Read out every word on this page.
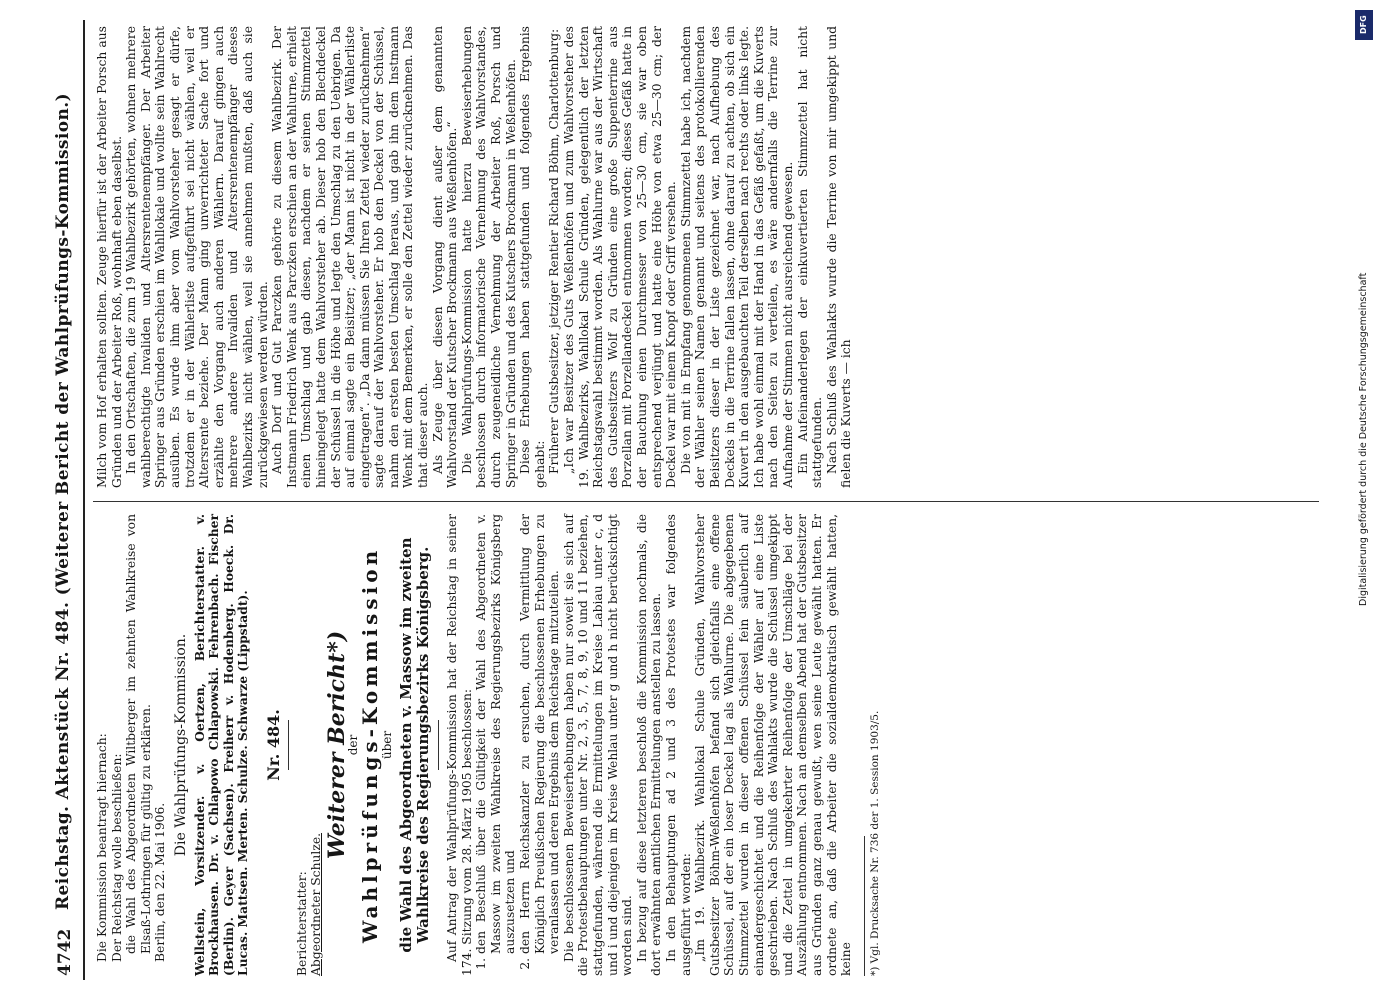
4742
Reichstag. Aktenstück Nr. 484. (Weiterer Bericht der Wahlprüfungs-Kommission.) Die Kommission beantragt hiernach: Der Reichstag wolle beschließen: die Wahl des Abgeordneten Wiltberger im zehnten Wahlkreise von Elsaß-Lothringen für gültig zu erklären. Berlin, den 22. Mai 1906.

Die Wahlprüfungs-Kommission. Wellstein, Vorsitzender. v. Oertzen, Berichterstatter. v. Brockhausen. Dr. v. Chlapowo Chlapowski. Fehrenbach. Fischer (Berlin). Geyer (Sachsen). Freiherr v. Hodenberg. Hoeck. Dr. Lucas. Mattsen. Merten. Schulze. Schwarze (Lippstadt). Nr. 484.

Berichterstatter: Abgeordneter Schulze.

Weiterer Bericht*)
der
Wahlprüfungs-Kommission
über die Wahl des Abgeordneten v. Massow im zweiten Wahlkreise des Regierungsbezirks Königsberg. Auf Antrag der Wahlprüfungs-Kommission hat der Reichstag in seiner 174. Sitzung vom 28. März 1905 beschlossen: 1. den Beschluß über die Gültigkeit der Wahl des Abgeordneten v. Massow im zweiten Wahlkreise des Regierungsbezirks Königsberg auszusetzen und 2. den Herrn Reichskanzler zu ersuchen, durch Vermittlung der Königlich Preußischen Regierung die beschlossenen Erhebungen zu veranlassen und deren Ergebnis dem Reichstage mitzuteilen. Die beschlossenen Beweiserhebungen haben nur soweit sie sich auf die Protestbehauptungen unter Nr. 2, 3, 5, 7, 8, 9, 10 und 11 beziehen, stattgefunden, während die Ermittelungen im Kreise Labiau unter c, d und i und diejenigen im Kreise Wehlau unter g und h nicht berücksichtigt worden sind. In bezug auf diese letzteren beschloß die Kommission nochmals, die dort erwähnten amtlichen Ermittelungen anstellen zu lassen. In den Behauptungen ad 2 und 3 des Protestes war folgendes ausgeführt worden: „Im 19. Wahlbezirk. Wahllokal Schule Gründen, Wahlvorsteher Gutsbesitzer Böhm-Weßlenhöfen befand sich gleichfalls eine offene Schüssel, auf der ein loser Deckel lag als Wahlurne. Die abgegebenen Stimmzettel wurden in dieser offenen Schüssel fein säuberlich auf einandergeschichtet und die Reihenfolge der Wähler auf eine Liste geschrieben. Nach Schluß des Wahlakts wurde die Schüssel umgekippt und die Zettel in umgekehrter Reihenfolge der Umschläge bei der Auszählung entnommen. Nach an demselben Abend hat der Gutsbesitzer aus Gründen ganz genau gewußt, wen seine Leute gewählt hatten. Er ordnete an, daß die Arbeiter die sozialdemokratisch gewählt hatten, keine *) Vgl. Drucksache Nr. 736 der 1. Session 1903/5.

Milch vom Hof erhalten sollten. Zeuge hierfür ist der Arbeiter Porsch aus Gründen und der Arbeiter Roß, wohnhaft eben daselbst. In den Ortschaften, die zum 19 Wahlbezirk gehörten, wohnen mehrere wahlberechtigte Invaliden und Altersrentenempfänger. Der Arbeiter Springer aus Gründen erschien im Wahllokale und wollte sein Wahlrecht ausüben. Es wurde ihm aber vom Wahlvorsteher gesagt er dürfe, trotzdem er in der Wählerliste aufgeführt sei nicht wählen, weil er Altersrente beziehe. Der Mann ging unverrichteter Sache fort und erzählte den Vorgang auch anderen Wählern. Darauf gingen auch mehrere andere Invaliden und Altersrentenempfänger dieses Wahlbezirks nicht wählen, weil sie annehmen mußten, daß auch sie zurückgewiesen werden würden. Auch Dorf und Gut Parczken gehörte zu diesem Wahlbezirk. Der Instmann Friedrich Wenk aus Parczken erschien an der Wahlurne, erhielt einen Umschlag und gab diesen, nachdem er seinen Stimmzettel hineingelegt hatte dem Wahlvorsteher ab. Dieser hob den Blechdeckel der Schüssel in die Höhe und legte den Umschlag zu den Uebrigen. Da auf einmal sagte ein Beisitzer; „der Mann ist nicht in der Wählerliste eingetragen“. „Da dann müssen Sie Ihren Zettel wieder zurücknehmen“ sagte darauf der Wahlvorsteher. Er hob den Deckel von der Schüssel, nahm den ersten besten Umschlag heraus, und gab ihn dem Instmann Wenk mit dem Bemerken, er solle den Zettel wieder zurücknehmen. Das that dieser auch. Als Zeuge über diesen Vorgang dient außer dem genannten Wahlvorstand der Kutscher Brockmann aus Weßlenhöfen.“ Die Wahlprüfungs-Kommission hatte hierzu Beweiserhebungen beschlossen durch informatorische Vernehmung des Wahlvorstandes, durch zeugeneidliche Vernehmung der Arbeiter Roß, Porsch und Springer in Gründen und des Kutschers Brockmann in Weßlenhöfen. Diese Erhebungen haben stattgefunden und folgendes Ergebnis gehabt: Früherer Gutsbesitzer, jetziger Rentier Richard Böhm, Charlottenburg: „Ich war Besitzer des Guts Weßlenhöfen und zum Wahlvorsteher des 19. Wahlbezirks, Wahllokal Schule Gründen, gelegentlich der letzten Reichstagswahl bestimmt worden. Als Wahlurne war aus der Wirtschaft des Gutsbesitzers Wolf zu Gründen eine große Suppenterrine aus Porzellan mit Porzellandeckel entnommen worden; dieses Gefäß hatte in der Bauchung einen Durchmesser von 25—30 cm, sie war oben entsprechend verjüngt und hatte eine Höhe von etwa 25—30 cm; der Deckel war mit einem Knopf oder Griff versehen. Die von mit in Empfang genommenen Stimmzettel habe ich, nachdem der Wähler seinen Namen genannt und seitens des protokollierenden Beisitzers dieser in der Liste gezeichnet war, nach Aufhebung des Deckels in die Terrine fallen lassen, ohne darauf zu achten, ob sich ein Kuvert in den ausgebauchten Teil derselben nach rechts oder links legte. Ich habe wohl einmal mit der Hand in das Gefäß gefaßt, um die Kuverts nach den Seiten zu verteilen, es wäre andernfalls die Terrine zur Aufnahme der Stimmen nicht ausreichend gewesen. Ein Aufeinanderlegen der einkuvertierten Stimmzettel hat nicht stattgefunden. Nach Schluß des Wahlakts wurde die Terrine von mir umgekippt und fielen die Kuverts — ich

DFG
Digitalisierung gefördert durch die Deutsche Forschungsgemeinschaft
